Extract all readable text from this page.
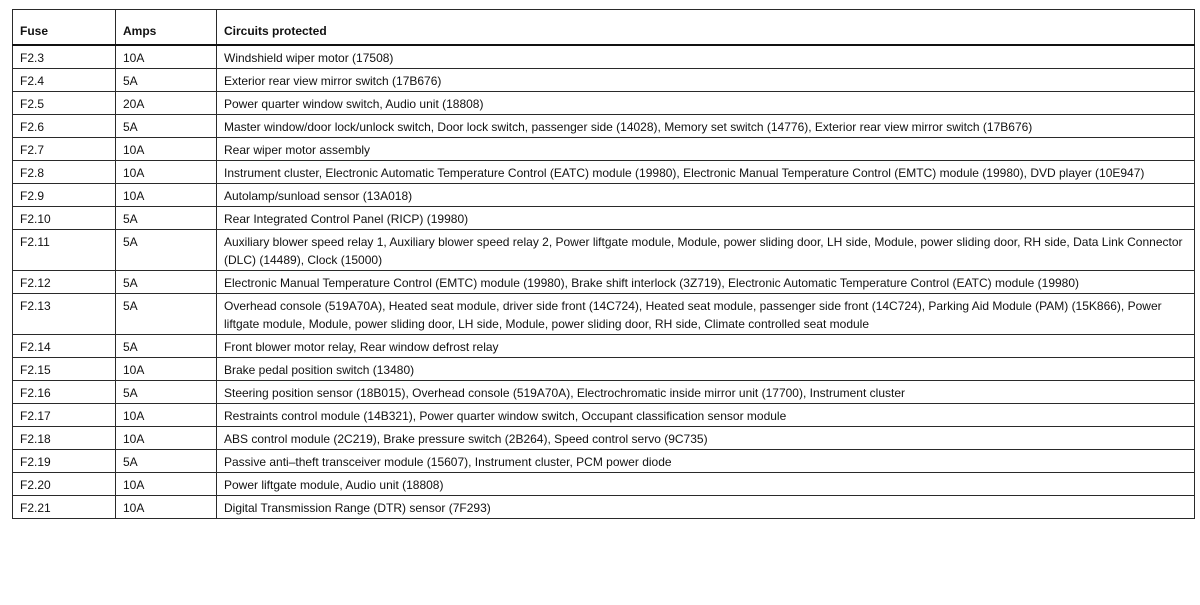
Fuse	Amps	Circuits protected
F2.3	10A	Windshield wiper motor (17508)
F2.4	5A	Exterior rear view mirror switch (17B676)
F2.5	20A	Power quarter window switch, Audio unit (18808)
F2.6	5A	Master window/door lock/unlock switch, Door lock switch, passenger side (14028), Memory set switch (14776), Exterior rear view mirror switch (17B676)
F2.7	10A	Rear wiper motor assembly
F2.8	10A	Instrument cluster, Electronic Automatic Temperature Control (EATC) module (19980), Electronic Manual Temperature Control (EMTC) module (19980), DVD player (10E947)
F2.9	10A	Autolamp/sunload sensor (13A018)
F2.10	5A	Rear Integrated Control Panel (RICP) (19980)
F2.11	5A	Auxiliary blower speed relay 1, Auxiliary blower speed relay 2, Power liftgate module, Module, power sliding door, LH side, Module, power sliding door, RH side, Data Link Connector (DLC) (14489), Clock (15000)
F2.12	5A	Electronic Manual Temperature Control (EMTC) module (19980), Brake shift interlock (3Z719), Electronic Automatic Temperature Control (EATC) module (19980)
F2.13	5A	Overhead console (519A70A), Heated seat module, driver side front (14C724), Heated seat module, passenger side front (14C724), Parking Aid Module (PAM) (15K866), Power liftgate module, Module, power sliding door, LH side, Module, power sliding door, RH side, Climate controlled seat module
F2.14	5A	Front blower motor relay, Rear window defrost relay
F2.15	10A	Brake pedal position switch (13480)
F2.16	5A	Steering position sensor (18B015), Overhead console (519A70A), Electrochromatic inside mirror unit (17700), Instrument cluster
F2.17	10A	Restraints control module (14B321), Power quarter window switch, Occupant classification sensor module
F2.18	10A	ABS control module (2C219), Brake pressure switch (2B264), Speed control servo (9C735)
F2.19	5A	Passive anti–theft transceiver module (15607), Instrument cluster, PCM power diode
F2.20	10A	Power liftgate module, Audio unit (18808)
F2.21	10A	Digital Transmission Range (DTR) sensor (7F293)
